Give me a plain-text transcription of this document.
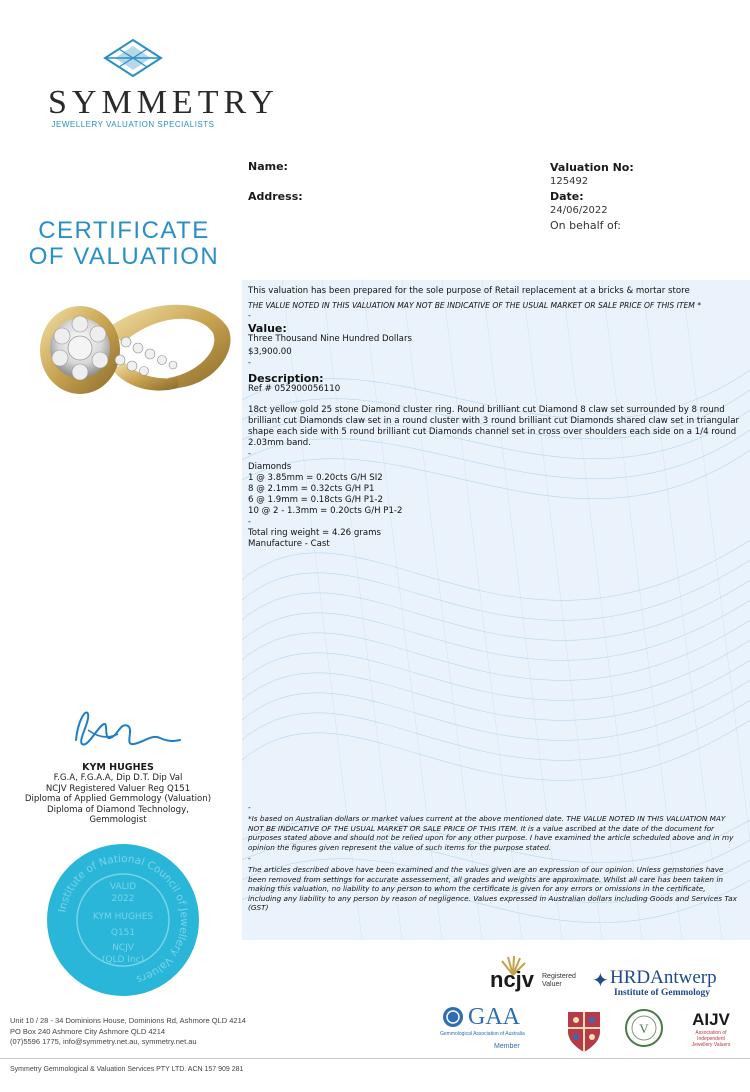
SYMMETRY
JEWELLERY VALUATION SPECIALISTS
CERTIFICATE
OF VALUATION
Name:
Address:
Valuation No:
125492
Date:
24/06/2022
On behalf of:

This valuation has been prepared for the sole purpose of Retail replacement at a bricks & mortar store

THE VALUE NOTED IN THIS VALUATION MAY NOT BE INDICATIVE OF THE USUAL MARKET OR SALE PRICE OF THIS ITEM *

-
Value:

Three Thousand Nine Hundred Dollars

$3,900.00

-
Description:

Ref # 052900056110

18ct yellow gold 25 stone Diamond cluster ring. Round brilliant cut Diamond 8 claw set surrounded by 8 round brilliant cut Diamonds claw set in a round cluster with 3 round brilliant cut Diamonds shared claw set in triangular shape each side with 5 round brilliant cut Diamonds channel set in cross over shoulders each side on a 1/4 round 2.03mm band.

-

Diamonds

1 @ 3.85mm = 0.20cts G/H SI2

8 @ 2.1mm = 0.32cts G/H P1

6 @ 1.9mm = 0.18cts G/H P1-2

10 @ 2 - 1.3mm = 0.20cts G/H P1-2

-

Total ring weight = 4.26 grams

Manufacture - Cast

-

*Is based on Australian dollars or market values current at the above mentioned date. THE VALUE NOTED IN THIS VALUATION MAY NOT BE INDICATIVE OF THE USUAL MARKET OR SALE PRICE OF THIS ITEM. It is a value ascribed at the date of the document for purposes stated above and should not be relied upon for any other purpose. I have examined the article scheduled above and in my opinion the figures given represent the value of such items for the purpose stated.

-

The articles described above have been examined and the values given are an expression of our opinion. Unless gemstones have been removed from settings for accurate assessement, all grades and weights are approximate. Whilst all care has been taken in making this valuation, no liability to any person to whom the certificate is given for any errors or omissions in the certificate, including any liability to any person by reason of negligence. Values expressed in Australian dollars including Goods and Services Tax (GST)

KYM HUGHES
F.G.A, F.G.A.A, Dip D.T. Dip Val
NCJV Registered Valuer Reg Q151
Diploma of Applied Gemmology (Valuation)
Diploma of Diamond Technology,
Gemmologist
Institute of National Council of Jewellery Valuers
VALID
2022
KYM HUGHES
Q151
NCJV
(QLD Inc)
Unit 10 / 28 - 34 Dominions House, Dominions Rd, Ashmore QLD 4214
PO Box 240 Ashmore City Ashmore QLD 4214
(07)5596 1775, info@symmetry.net.au, symmetry.net.au
Symmetry Gemmological & Valuation Services PTY LTD. ACN 157 909 281
ncjv Registered
Valuer	✦ HRDAntwerp
Institute of Gemmology
GAA
Gemmological Association of Australia
Member
V	AIJV
Association of
Independent
Jewellery Valuers
